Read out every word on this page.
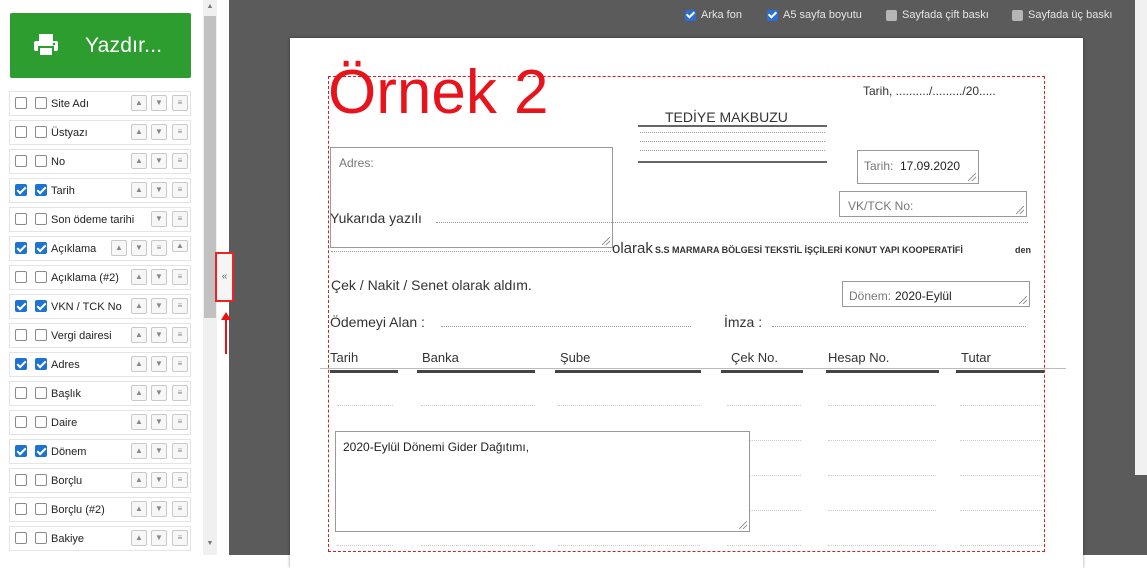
Yazdır...
Site Adı	▲	▼	≡
Üstyazı	▲	▼	≡
No	▲	▼	≡
Tarih	▲	▼	≡
Son ödeme tarihi	▼	≡
Açıklama	▲	▼	≡	▲
Açıklama (#2)	▲	▼	≡
VKN / TCK No	▲	▼	≡
Vergi dairesi	▲	▼	≡
Adres	▲	▼	≡
Başlık	▲	▼	≡
Daire	▲	▼	≡
Dönem	▲	▼	≡
Borçlu	▲	▼	≡
Borçlu (#2)	▲	▼	≡
Bakiye	▲	▼	≡
▲
▼
Arka fon	A5 sayfa boyutu	Sayfada çift baskı	Sayfada üç baskı
«
Örnek 2	Tarih, ........../........./20.....
TEDİYE MAKBUZU
Adres:	Tarih: 17.09.2020
VK/TCK No:
Yukarıda yazılı
olarak S.S MARMARA BÖLGESİ TEKSTİL İŞÇİLERİ KONUT YAPI KOOPERATİFİ	den
Çek / Nakit / Senet olarak aldım.
Dönem: 2020-Eylül
Ödemeyi Alan :	İmza :
Tarih	Banka	Şube	Çek No.	Hesap No.	Tutar
2020-Eylül Dönemi Gider Dağıtımı,
